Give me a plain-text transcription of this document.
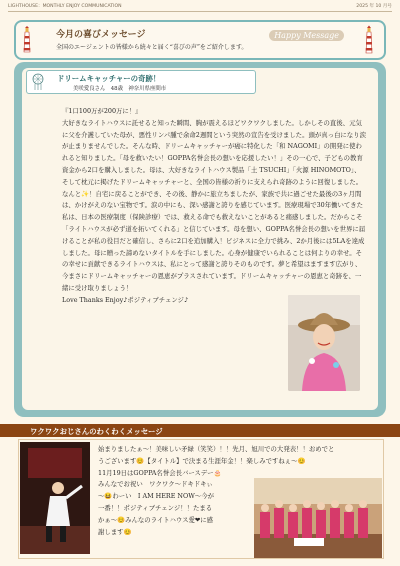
LIGHTHOUSE：MONTHLY ENJOY COMMUNICATION	2025 年 10 月号
今月の喜びメッセージ
全国のエージェントの皆様から続々と届く“喜びの声”をご紹介します。
Happy Message
ドリームキャッチャーの奇跡！
美咲愛良さん　48歳　神奈川県座間市

『1口100万が200万に！』

大好きなライトハウスに託せると知った瞬間、胸が震えるほどワクワクしました。しかしその直後、元気に父を介護していた母が、悪性リンパ腫で余命2週間という突然の宣告を受けました。頭が真っ白になり涙が止まりませんでした。そんな時、ドリームキャッチャーが癌に特化した「和 NAGOMI」の開発に使われると知りました。「母を救いたい！GOPPA名誉会長の想いを応援したい！」その一心で、子どもの教育資金から2口を購入しました。母は、大好きなライトハウス製品「土 TSUCHI」「火源 HINOMOTO」、そして枕元に掲げたドリームキャッチャーと、全国の皆様の祈りに支えられ奇跡のように回復しました。なんと✨！自宅に戻ることができ、その後、静かに旅立ちましたが、家族で共に過ごせた最後の3ヶ月間は、かけがえのない宝物です。涙の中にも、深い感謝と誇りを感じています。医療現場で30年働いてきた私は、日本の医療制度（保険診療）では、救える命でも救えないことがあると痛感しました。だからこそ「ライトハウスが必ず道を拓いてくれる」と信じています。母を想い、GOPPA名誉会長の想いを世界に届けることが私の役目だと確信し、さらに2口を追加購入！ビジネスに全力で挑み、2か月後には5LAを達成しました。母に贈った諦めないタイトルを手にしました。心身が健康でいられることは何よりの幸せ。その幸せに貢献できるライトハウスは、私にとって感謝と誇りそのものです。夢と希望はますます広がり、今まさにドリームキャッチャーの恩恵がプラスされています。ドリームキャッチャーの恩恵と奇跡を、一緒に受け取りましょう！

Love Thanks Enjoy♪ポジティブチェンジ♪

ワクワクおじさんのわくわくメッセージ
始まりましたぁ〜！美味しい矛緑（笑笑）！！先月、旭川での大発表！！おめでと
うございます😊【タイトル】で決まる生涯年金！！楽しみですねぇ〜😊
11月19日はGOPPA名誉会長バースデー🎂
みんなでお祝い　ワクワク〜ドキドキぃ
〜😆わーい　I AM HERE NOW〜今が
一番！！ポジティブチェンジ！！たまる
かぁ〜😊みんなのライトハウス愛❤に感
謝します😊
